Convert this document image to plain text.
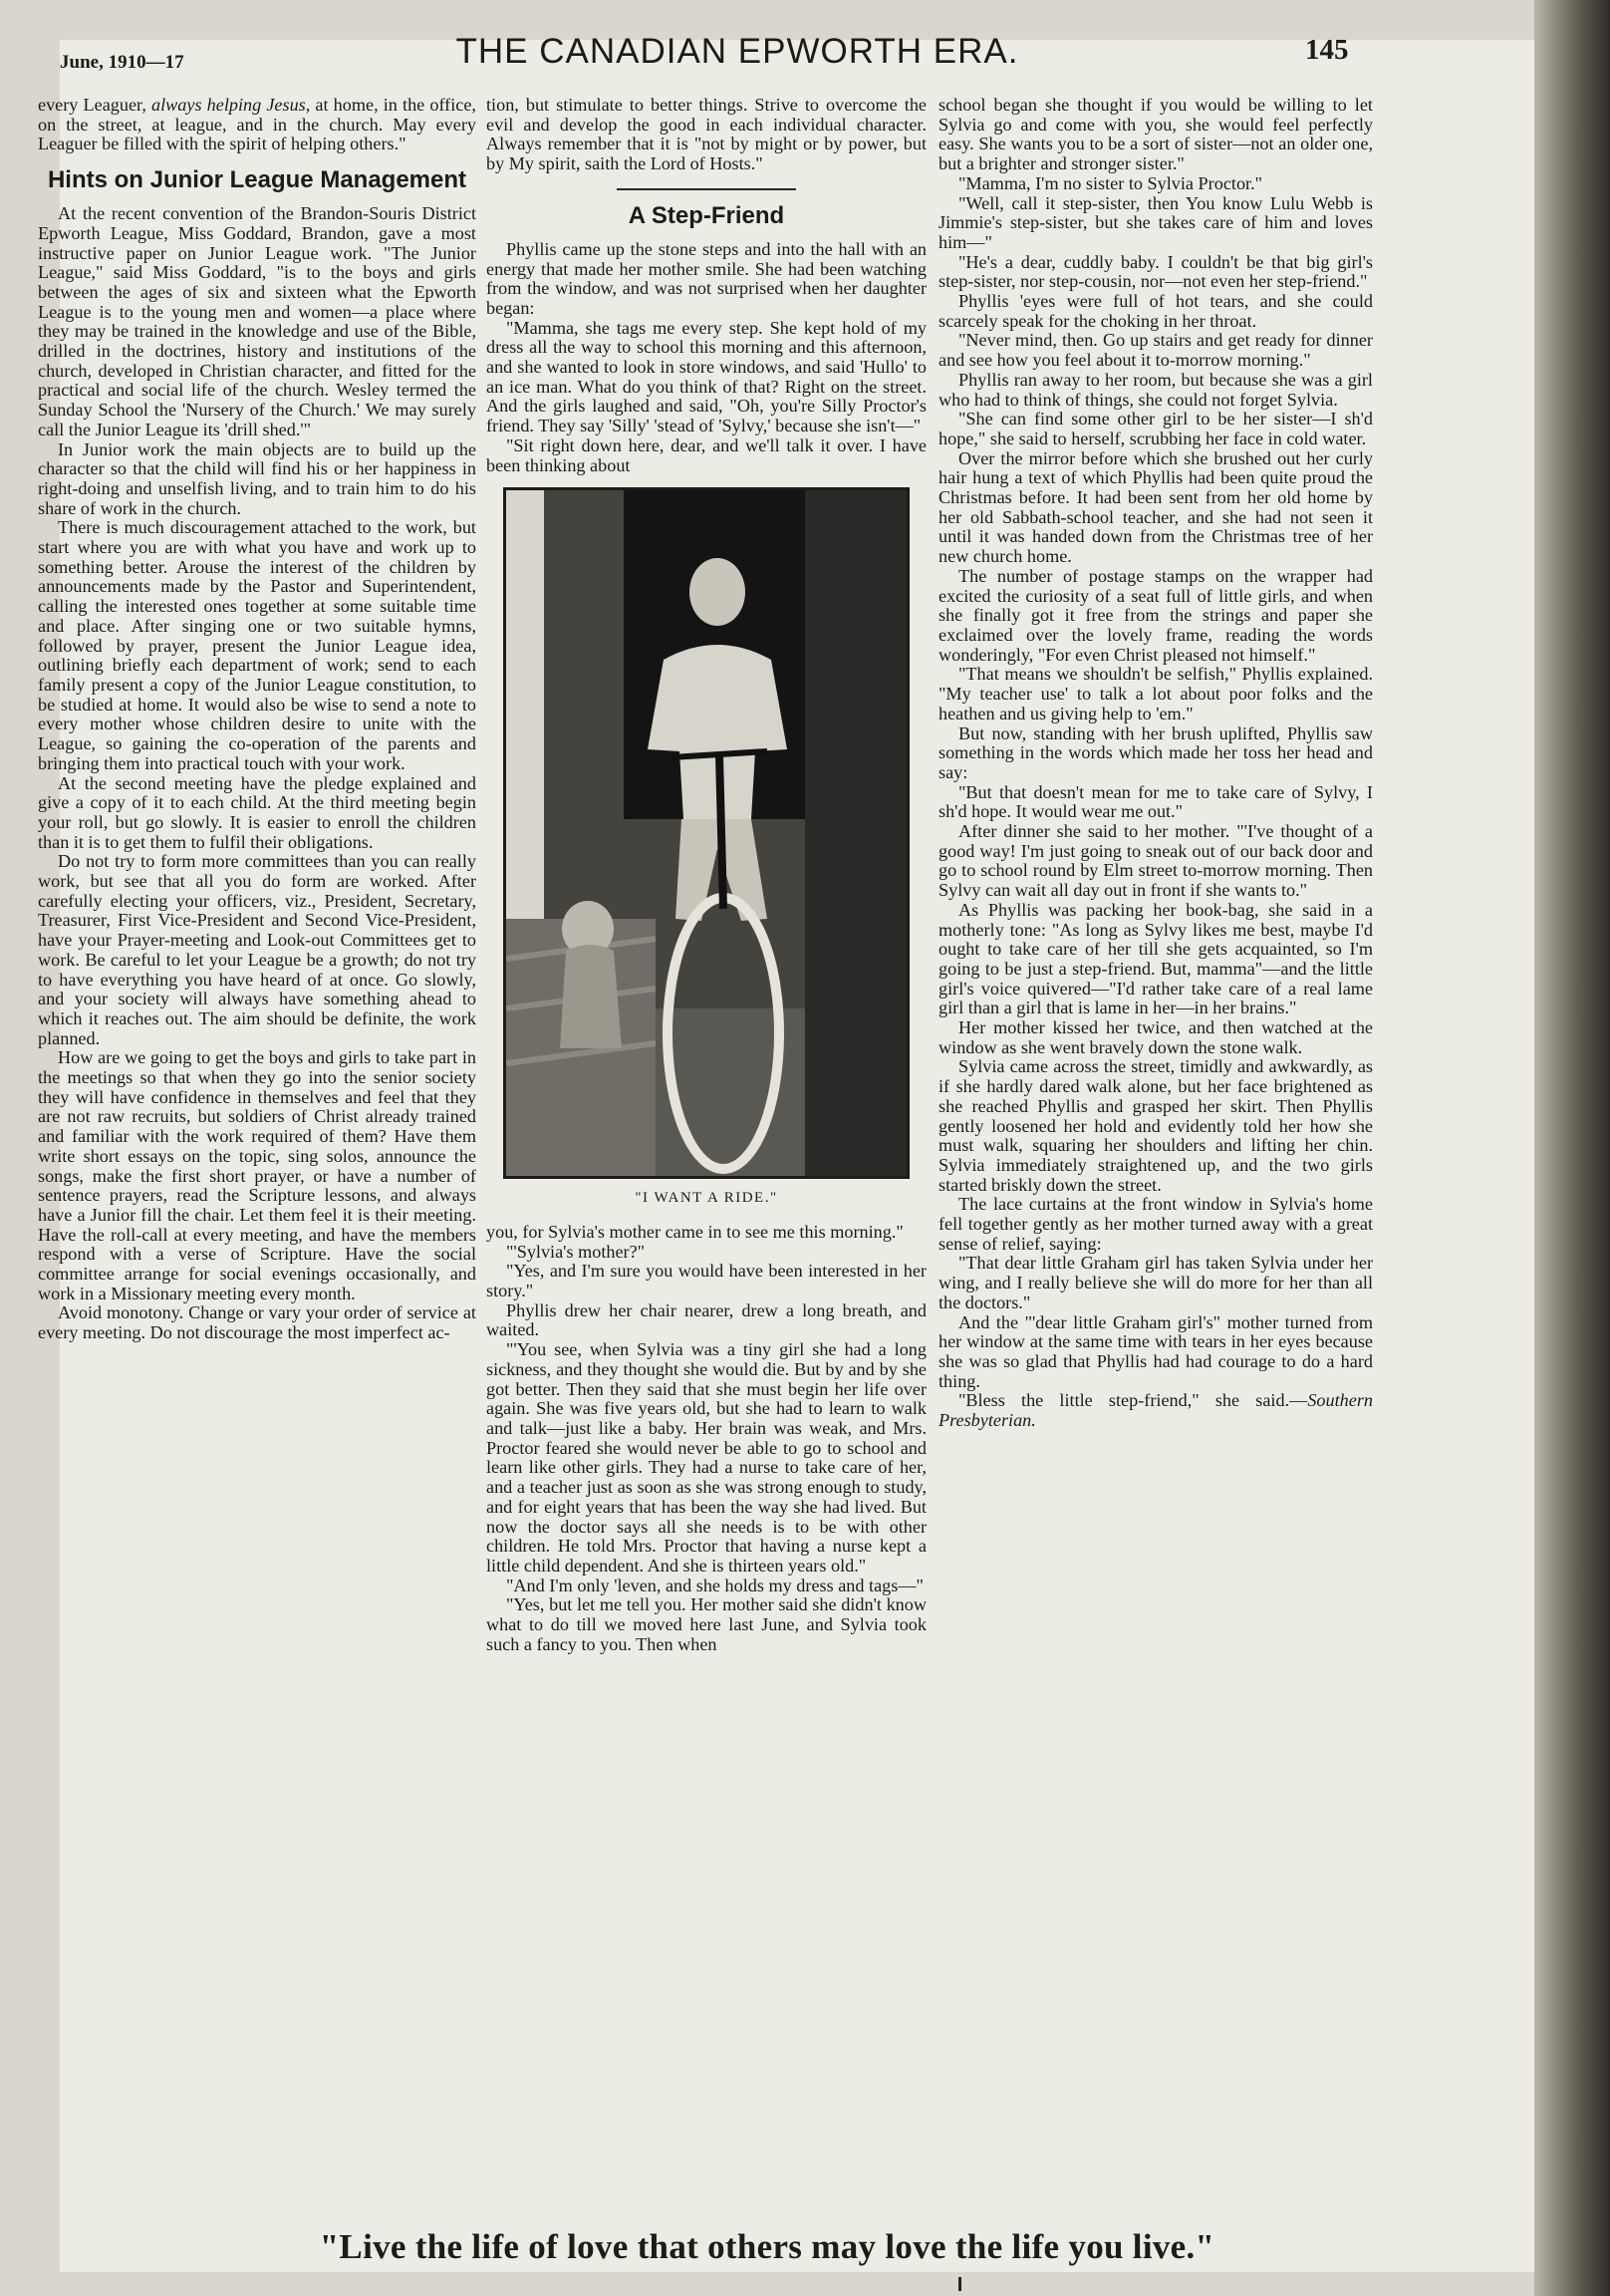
June, 1910—17	THE CANADIAN EPWORTH ERA.	145

every Leaguer, always helping Jesus, at home, in the office, on the street, at league, and in the church. May every Leaguer be filled with the spirit of helping others."

Hints on Junior League Management

At the recent convention of the Brandon-Souris District Epworth League, Miss Goddard, Brandon, gave a most instructive paper on Junior League work. "The Junior League," said Miss Goddard, "is to the boys and girls between the ages of six and sixteen what the Epworth League is to the young men and women—a place where they may be trained in the knowledge and use of the Bible, drilled in the doctrines, history and institutions of the church, developed in Christian character, and fitted for the practical and social life of the church. Wesley termed the Sunday School the 'Nursery of the Church.' We may surely call the Junior League its 'drill shed.'"

In Junior work the main objects are to build up the character so that the child will find his or her happiness in right-doing and unselfish living, and to train him to do his share of work in the church.

There is much discouragement attached to the work, but start where you are with what you have and work up to something better. Arouse the interest of the children by announcements made by the Pastor and Superintendent, calling the interested ones together at some suitable time and place. After singing one or two suitable hymns, followed by prayer, present the Junior League idea, outlining briefly each department of work; send to each family present a copy of the Junior League constitution, to be studied at home. It would also be wise to send a note to every mother whose children desire to unite with the League, so gaining the co-operation of the parents and bringing them into practical touch with your work.

At the second meeting have the pledge explained and give a copy of it to each child. At the third meeting begin your roll, but go slowly. It is easier to enroll the children than it is to get them to fulfil their obligations.

Do not try to form more committees than you can really work, but see that all you do form are worked. After carefully electing your officers, viz., President, Secretary, Treasurer, First Vice-President and Second Vice-President, have your Prayer-meeting and Look-out Committees get to work. Be careful to let your League be a growth; do not try to have everything you have heard of at once. Go slowly, and your society will always have something ahead to which it reaches out. The aim should be definite, the work planned.

How are we going to get the boys and girls to take part in the meetings so that when they go into the senior society they will have confidence in themselves and feel that they are not raw recruits, but soldiers of Christ already trained and familiar with the work required of them? Have them write short essays on the topic, sing solos, announce the songs, make the first short prayer, or have a number of sentence prayers, read the Scripture lessons, and always have a Junior fill the chair. Let them feel it is their meeting. Have the roll-call at every meeting, and have the members respond with a verse of Scripture. Have the social committee arrange for social evenings occasionally, and work in a Missionary meeting every month.

Avoid monotony. Change or vary your order of service at every meeting. Do not discourage the most imperfect ac-

tion, but stimulate to better things. Strive to overcome the evil and develop the good in each individual character. Always remember that it is "not by might or by power, but by My spirit, saith the Lord of Hosts."

A Step-Friend

Phyllis came up the stone steps and into the hall with an energy that made her mother smile. She had been watching from the window, and was not surprised when her daughter began:

"Mamma, she tags me every step. She kept hold of my dress all the way to school this morning and this afternoon, and she wanted to look in store windows, and said 'Hullo' to an ice man. What do you think of that? Right on the street. And the girls laughed and said, "Oh, you're Silly Proctor's friend. They say 'Silly' 'stead of 'Sylvy,' because she isn't—"

"Sit right down here, dear, and we'll talk it over. I have been thinking about

"I WANT A RIDE."

you, for Sylvia's mother came in to see me this morning."

"'Sylvia's mother?"

"Yes, and I'm sure you would have been interested in her story."

Phyllis drew her chair nearer, drew a long breath, and waited.

"'You see, when Sylvia was a tiny girl she had a long sickness, and they thought she would die. But by and by she got better. Then they said that she must begin her life over again. She was five years old, but she had to learn to walk and talk—just like a baby. Her brain was weak, and Mrs. Proctor feared she would never be able to go to school and learn like other girls. They had a nurse to take care of her, and a teacher just as soon as she was strong enough to study, and for eight years that has been the way she had lived. But now the doctor says all she needs is to be with other children. He told Mrs. Proctor that having a nurse kept a little child dependent. And she is thirteen years old."

"And I'm only 'leven, and she holds my dress and tags—"

"Yes, but let me tell you. Her mother said she didn't know what to do till we moved here last June, and Sylvia took such a fancy to you. Then when

school began she thought if you would be willing to let Sylvia go and come with you, she would feel perfectly easy. She wants you to be a sort of sister—not an older one, but a brighter and stronger sister."

"Mamma, I'm no sister to Sylvia Proctor."

"Well, call it step-sister, then You know Lulu Webb is Jimmie's step-sister, but she takes care of him and loves him—"

"He's a dear, cuddly baby. I couldn't be that big girl's step-sister, nor step-cousin, nor—not even her step-friend."

Phyllis 'eyes were full of hot tears, and she could scarcely speak for the choking in her throat.

"Never mind, then. Go up stairs and get ready for dinner and see how you feel about it to-morrow morning."

Phyllis ran away to her room, but because she was a girl who had to think of things, she could not forget Sylvia.

"She can find some other girl to be her sister—I sh'd hope," she said to herself, scrubbing her face in cold water.

Over the mirror before which she brushed out her curly hair hung a text of which Phyllis had been quite proud the Christmas before. It had been sent from her old home by her old Sabbath-school teacher, and she had not seen it until it was handed down from the Christmas tree of her new church home.

The number of postage stamps on the wrapper had excited the curiosity of a seat full of little girls, and when she finally got it free from the strings and paper she exclaimed over the lovely frame, reading the words wonderingly, "For even Christ pleased not himself."

"That means we shouldn't be selfish," Phyllis explained. "My teacher use' to talk a lot about poor folks and the heathen and us giving help to 'em."

But now, standing with her brush uplifted, Phyllis saw something in the words which made her toss her head and say:

"But that doesn't mean for me to take care of Sylvy, I sh'd hope. It would wear me out."

After dinner she said to her mother. "'I've thought of a good way! I'm just going to sneak out of our back door and go to school round by Elm street to-morrow morning. Then Sylvy can wait all day out in front if she wants to."

As Phyllis was packing her book-bag, she said in a motherly tone: "As long as Sylvy likes me best, maybe I'd ought to take care of her till she gets acquainted, so I'm going to be just a step-friend. But, mamma"—and the little girl's voice quivered—"I'd rather take care of a real lame girl than a girl that is lame in her—in her brains."

Her mother kissed her twice, and then watched at the window as she went bravely down the stone walk.

Sylvia came across the street, timidly and awkwardly, as if she hardly dared walk alone, but her face brightened as she reached Phyllis and grasped her skirt. Then Phyllis gently loosened her hold and evidently told her how she must walk, squaring her shoulders and lifting her chin. Sylvia immediately straightened up, and the two girls started briskly down the street.

The lace curtains at the front window in Sylvia's home fell together gently as her mother turned away with a great sense of relief, saying:

"That dear little Graham girl has taken Sylvia under her wing, and I really believe she will do more for her than all the doctors."

And the "'dear little Graham girl's" mother turned from her window at the same time with tears in her eyes because she was so glad that Phyllis had had courage to do a hard thing.

"Bless the little step-friend," she said.—Southern Presbyterian.

"Live the life of love that others may love the life you live."
